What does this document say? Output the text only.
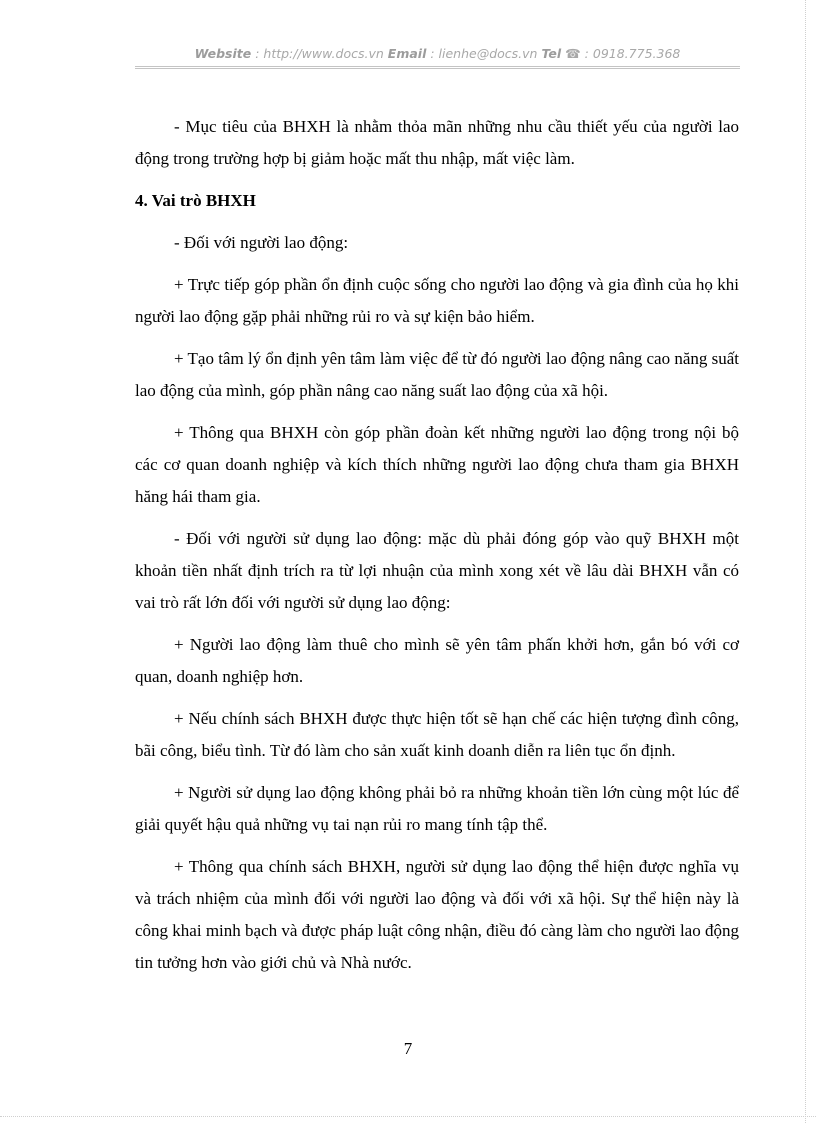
Website : http://www.docs.vn Email : lienhe@docs.vn Tel ☎ : 0918.775.368

- Mục tiêu của BHXH là nhằm thỏa mãn những nhu cầu thiết yếu của người lao động trong trường hợp bị giảm hoặc mất thu nhập, mất việc làm.

4. Vai trò BHXH

- Đối với người lao động:

+ Trực tiếp góp phần ổn định cuộc sống cho người lao động và gia đình của họ khi người lao động gặp phải những rủi ro và sự kiện bảo hiểm.

+ Tạo tâm lý ổn định yên tâm làm việc để từ đó người lao động nâng cao năng suất lao động của mình, góp phần nâng cao năng suất lao động của xã hội.

+ Thông qua BHXH còn góp phần đoàn kết những người lao động trong nội bộ các cơ quan doanh nghiệp và kích thích những người lao động chưa tham gia BHXH hăng hái tham gia.

- Đối với người sử dụng lao động: mặc dù phải đóng góp vào quỹ BHXH một khoản tiền nhất định trích ra từ lợi nhuận của mình xong xét về lâu dài BHXH vẫn có vai trò rất lớn đối với người sử dụng lao động:

+ Người lao động làm thuê cho mình sẽ yên tâm phấn khởi hơn, gắn bó với cơ quan, doanh nghiệp hơn.

+ Nếu chính sách BHXH được thực hiện tốt sẽ hạn chế các hiện tượng đình công, bãi công, biểu tình. Từ đó làm cho sản xuất kinh doanh diễn ra liên tục ổn định.

+ Người sử dụng lao động không phải bỏ ra những khoản tiền lớn cùng một lúc để giải quyết hậu quả những vụ tai nạn rủi ro mang tính tập thể.

+ Thông qua chính sách BHXH, người sử dụng lao động thể hiện được nghĩa vụ và trách nhiệm của mình đối với người lao động và đối với xã hội. Sự thể hiện này là công khai minh bạch và được pháp luật công nhận, điều đó càng làm cho người lao động tin tưởng hơn vào giới chủ và Nhà nước.

7
